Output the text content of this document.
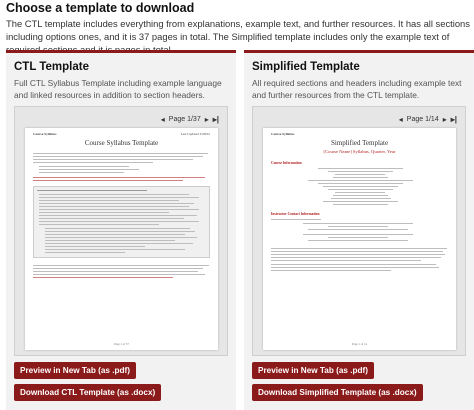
Choose a template to download
The CTL template includes everything from explanations, example text, and further resources. It has all sections including options ones, and it is 37 pages in total. The Simplified template includes only the example text of
CTL Template
Full CTL Syllabus Template including example language and linked resources in addition to section headers.
◂ Page 1/37 ▸ ▸|
Course Syllabus	Last Updated 3/28/22
Course Syllabus Template
Page 1 of 37
Preview in New Tab (as .pdf)
Download CTL Template (as .docx)
Simplified Template
All required sections and headers including example text and further resources from the CTL template.
◂ Page 1/14 ▸ ▸|
Course Syllabus
Simplified Template
[Course Name] Syllabus, Quarter, Year
Course Information
Instructor Contact Information
Page 1 of 14
Preview in New Tab (as .pdf)
Download Simplified Template (as .docx)
